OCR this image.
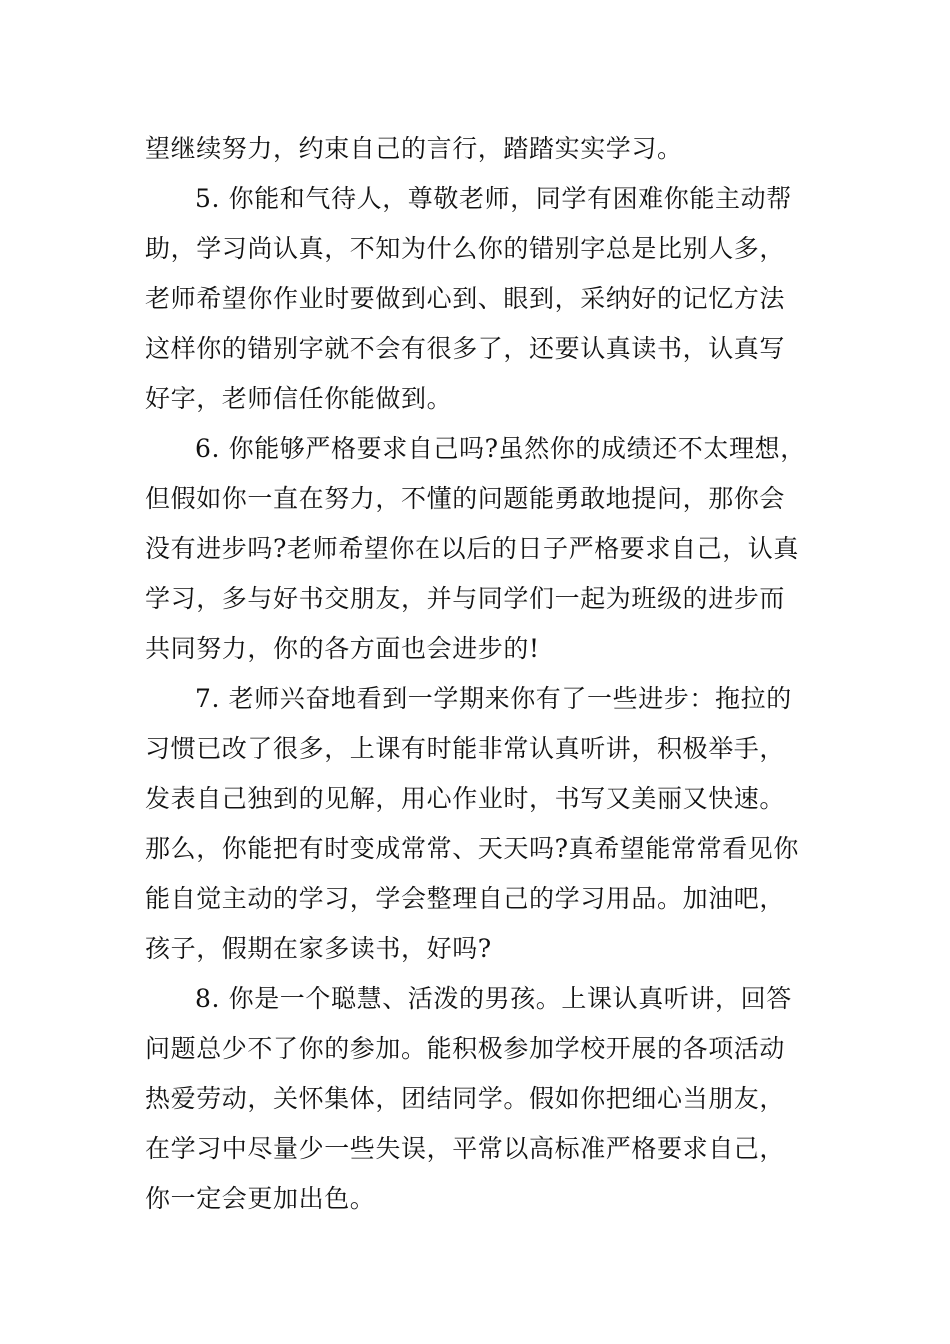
望继续努力，约束自己的言行，踏踏实实学习。
5. 你能和气待人，尊敬老师，同学有困难你能主动帮
助，学习尚认真，不知为什么你的错别字总是比别人多，
老师希望你作业时要做到心到、眼到，采纳好的记忆方法
这样你的错别字就不会有很多了，还要认真读书，认真写
好字，老师信任你能做到。
6. 你能够严格要求自己吗?虽然你的成绩还不太理想，
但假如你一直在努力，不懂的问题能勇敢地提问，那你会
没有进步吗?老师希望你在以后的日子严格要求自己，认真
学习，多与好书交朋友，并与同学们一起为班级的进步而
共同努力，你的各方面也会进步的!
7. 老师兴奋地看到一学期来你有了一些进步：拖拉的
习惯已改了很多，上课有时能非常认真听讲，积极举手，
发表自己独到的见解，用心作业时，书写又美丽又快速。
那么，你能把有时变成常常、天天吗?真希望能常常看见你
能自觉主动的学习，学会整理自己的学习用品。加油吧，
孩子，假期在家多读书，好吗?
8. 你是一个聪慧、活泼的男孩。上课认真听讲，回答
问题总少不了你的参加。能积极参加学校开展的各项活动
热爱劳动，关怀集体，团结同学。假如你把细心当朋友，
在学习中尽量少一些失误，平常以高标准严格要求自己，
你一定会更加出色。
